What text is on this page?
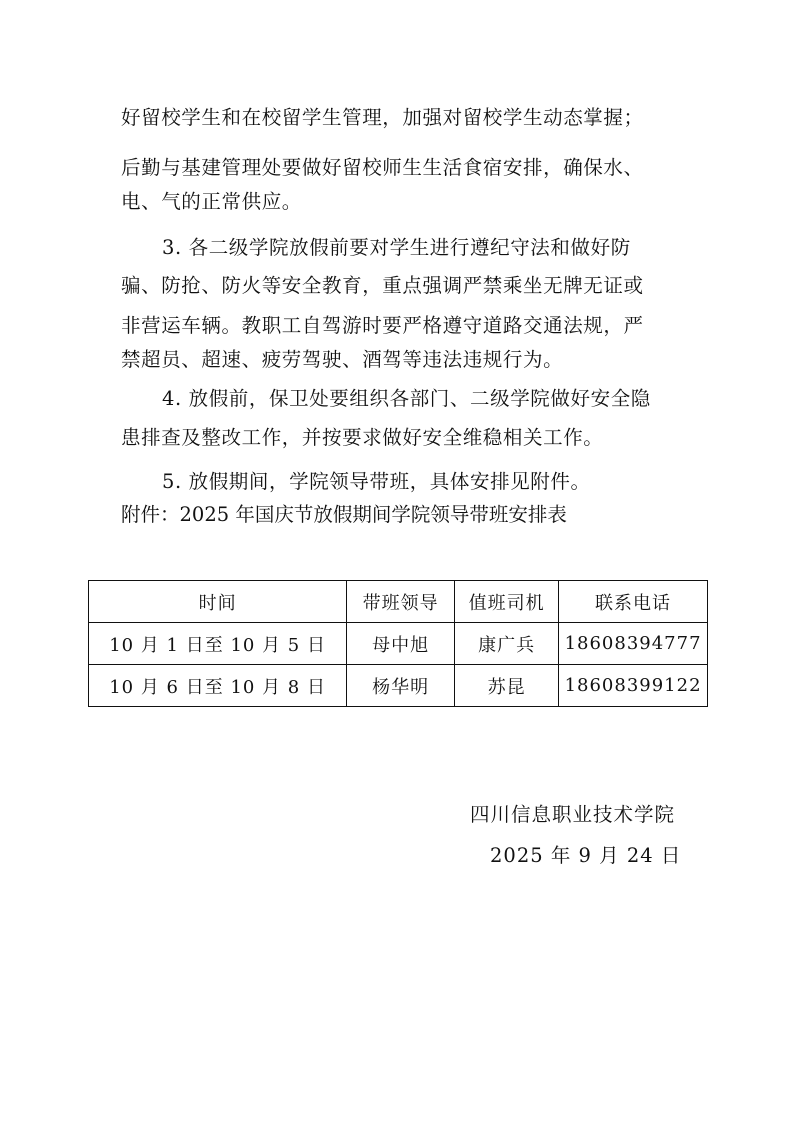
好留校学生和在校留学生管理，加强对留校学生动态掌握；
后勤与基建管理处要做好留校师生生活食宿安排，确保水、
电、气的正常供应。
3. 各二级学院放假前要对学生进行遵纪守法和做好防
骗、防抢、防火等安全教育，重点强调严禁乘坐无牌无证或
非营运车辆。教职工自驾游时要严格遵守道路交通法规，严
禁超员、超速、疲劳驾驶、酒驾等违法违规行为。
4. 放假前，保卫处要组织各部门、二级学院做好安全隐
患排查及整改工作，并按要求做好安全维稳相关工作。
5. 放假期间，学院领导带班，具体安排见附件。
附件：2025 年国庆节放假期间学院领导带班安排表
时间	带班领导	值班司机	联系电话
10 月 1 日至 10 月 5 日	母中旭	康广兵	18608394777
10 月 6 日至 10 月 8 日	杨华明	苏昆	18608399122
四川信息职业技术学院
2025 年 9 月 24 日
